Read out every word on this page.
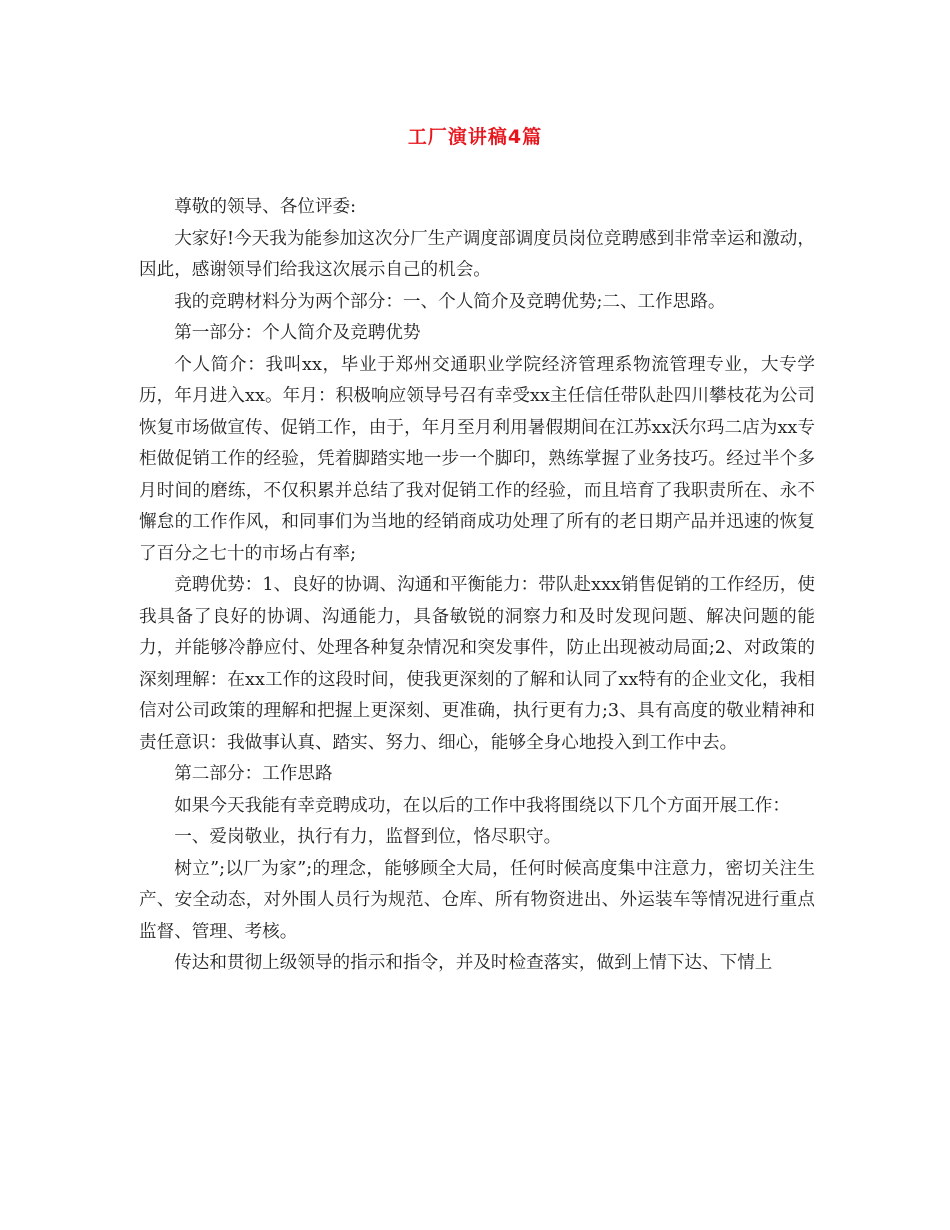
工厂演讲稿4篇

尊敬的领导、各位评委:

大家好!今天我为能参加这次分厂生产调度部调度员岗位竞聘感到非常幸运和激动，因此，感谢领导们给我这次展示自己的机会。

我的竞聘材料分为两个部分：一、个人简介及竞聘优势;二、工作思路。

第一部分：个人简介及竞聘优势

个人简介：我叫xx，毕业于郑州交通职业学院经济管理系物流管理专业，大专学历，年月进入xx。年月：积极响应领导号召有幸受xx主任信任带队赴四川攀枝花为公司恢复市场做宣传、促销工作，由于，年月至月利用暑假期间在江苏xx沃尔玛二店为xx专柜做促销工作的经验，凭着脚踏实地一步一个脚印，熟练掌握了业务技巧。经过半个多月时间的磨练，不仅积累并总结了我对促销工作的经验，而且培育了我职责所在、永不懈怠的工作作风，和同事们为当地的经销商成功处理了所有的老日期产品并迅速的恢复了百分之七十的市场占有率;

竞聘优势：1、良好的协调、沟通和平衡能力：带队赴xxx销售促销的工作经历，使我具备了良好的协调、沟通能力，具备敏锐的洞察力和及时发现问题、解决问题的能力，并能够冷静应付、处理各种复杂情况和突发事件，防止出现被动局面;2、对政策的深刻理解：在xx工作的这段时间，使我更深刻的了解和认同了xx特有的企业文化，我相信对公司政策的理解和把握上更深刻、更准确，执行更有力;3、具有高度的敬业精神和责任意识：我做事认真、踏实、努力、细心，能够全身心地投入到工作中去。

第二部分：工作思路

如果今天我能有幸竞聘成功，在以后的工作中我将围绕以下几个方面开展工作：

一、爱岗敬业，执行有力，监督到位，恪尽职守。

树立”;以厂为家”;的理念，能够顾全大局，任何时候高度集中注意力，密切关注生产、安全动态，对外围人员行为规范、仓库、所有物资进出、外运装车等情况进行重点监督、管理、考核。

传达和贯彻上级领导的指示和指令，并及时检查落实，做到上情下达、下情上
